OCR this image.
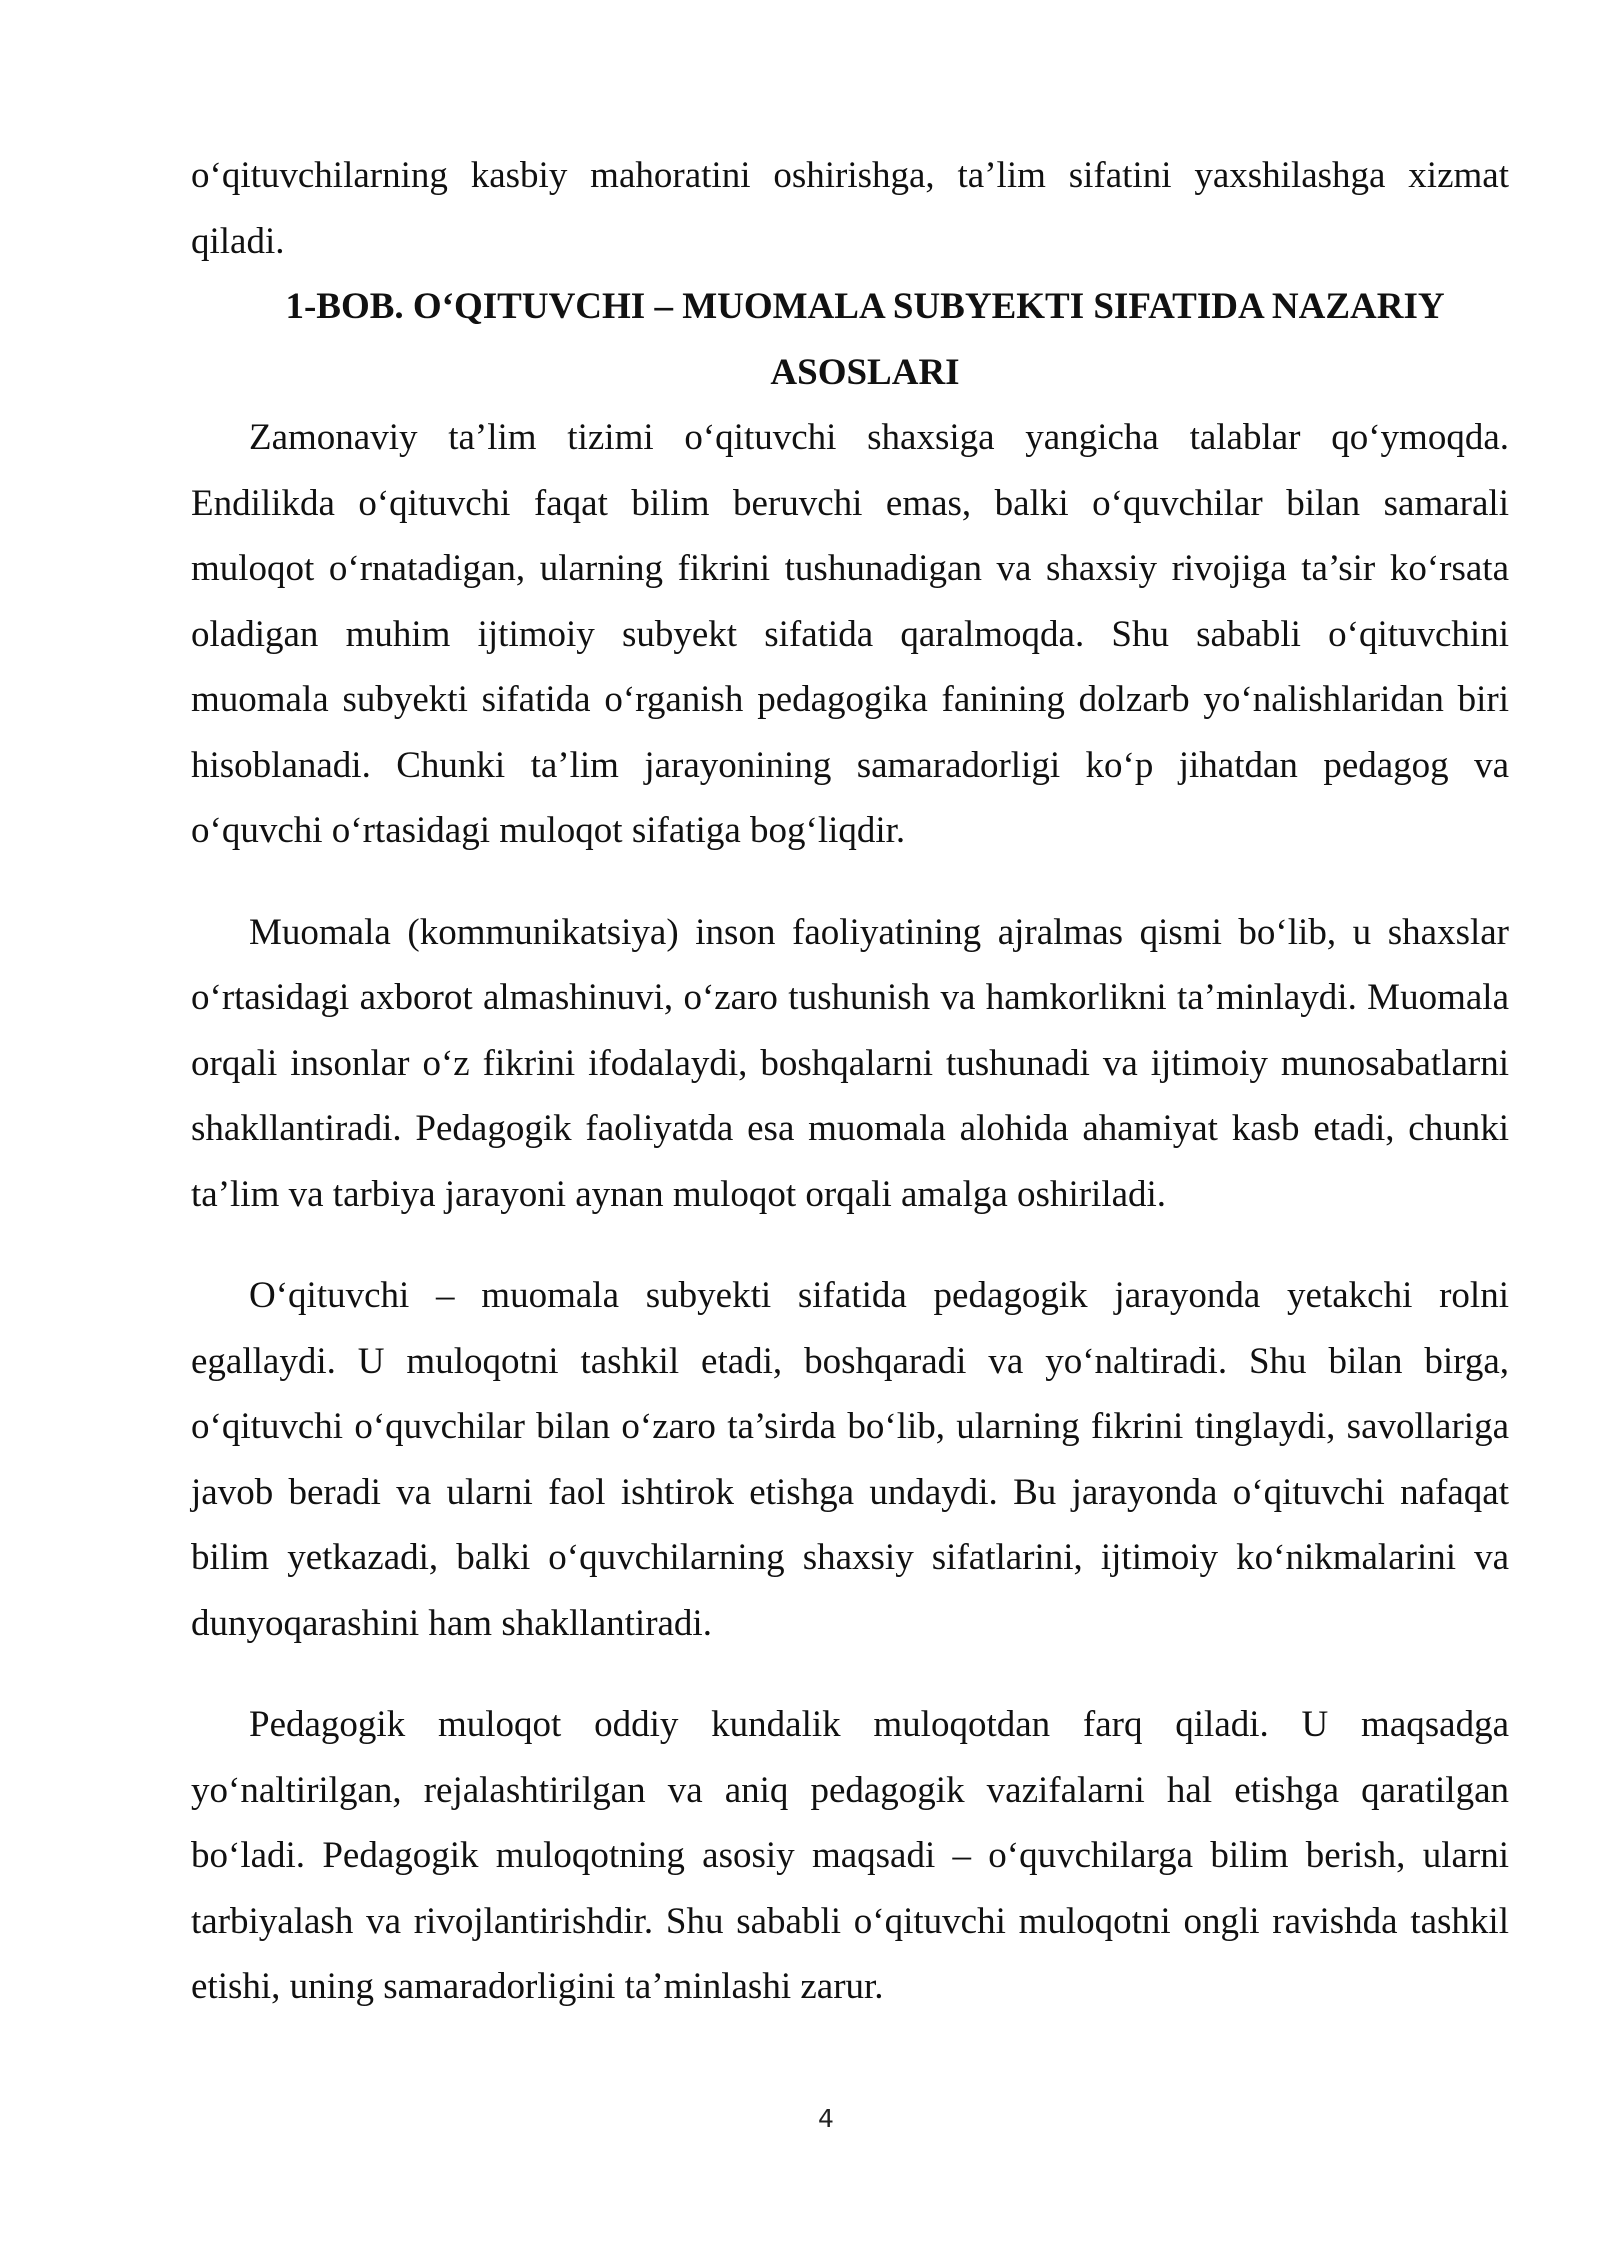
o‘qituvchilarning kasbiy mahoratini oshirishga, ta’lim sifatini yaxshilashga xizmat qiladi.

1-BOB. O‘QITUVCHI – MUOMALA SUBYEKTI SIFATIDA NAZARIY ASOSLARI

Zamonaviy ta’lim tizimi o‘qituvchi shaxsiga yangicha talablar qo‘ymoqda. Endilikda o‘qituvchi faqat bilim beruvchi emas, balki o‘quvchilar bilan samarali muloqot o‘rnatadigan, ularning fikrini tushunadigan va shaxsiy rivojiga ta’sir ko‘rsata oladigan muhim ijtimoiy subyekt sifatida qaralmoqda. Shu sababli o‘qituvchini muomala subyekti sifatida o‘rganish pedagogika fanining dolzarb yo‘nalishlaridan biri hisoblanadi. Chunki ta’lim jarayonining samaradorligi ko‘p jihatdan pedagog va o‘quvchi o‘rtasidagi muloqot sifatiga bog‘liqdir.

Muomala (kommunikatsiya) inson faoliyatining ajralmas qismi bo‘lib, u shaxslar o‘rtasidagi axborot almashinuvi, o‘zaro tushunish va hamkorlikni ta’minlaydi. Muomala orqali insonlar o‘z fikrini ifodalaydi, boshqalarni tushunadi va ijtimoiy munosabatlarni shakllantiradi. Pedagogik faoliyatda esa muomala alohida ahamiyat kasb etadi, chunki ta’lim va tarbiya jarayoni aynan muloqot orqali amalga oshiriladi.

O‘qituvchi – muomala subyekti sifatida pedagogik jarayonda yetakchi rolni egallaydi. U muloqotni tashkil etadi, boshqaradi va yo‘naltiradi. Shu bilan birga, o‘qituvchi o‘quvchilar bilan o‘zaro ta’sirda bo‘lib, ularning fikrini tinglaydi, savollariga javob beradi va ularni faol ishtirok etishga undaydi. Bu jarayonda o‘qituvchi nafaqat bilim yetkazadi, balki o‘quvchilarning shaxsiy sifatlarini, ijtimoiy ko‘nikmalarini va dunyoqarashini ham shakllantiradi.

Pedagogik muloqot oddiy kundalik muloqotdan farq qiladi. U maqsadga yo‘naltirilgan, rejalashtirilgan va aniq pedagogik vazifalarni hal etishga qaratilgan bo‘ladi. Pedagogik muloqotning asosiy maqsadi – o‘quvchilarga bilim berish, ularni tarbiyalash va rivojlantirishdir. Shu sababli o‘qituvchi muloqotni ongli ravishda tashkil etishi, uning samaradorligini ta’minlashi zarur.

4
